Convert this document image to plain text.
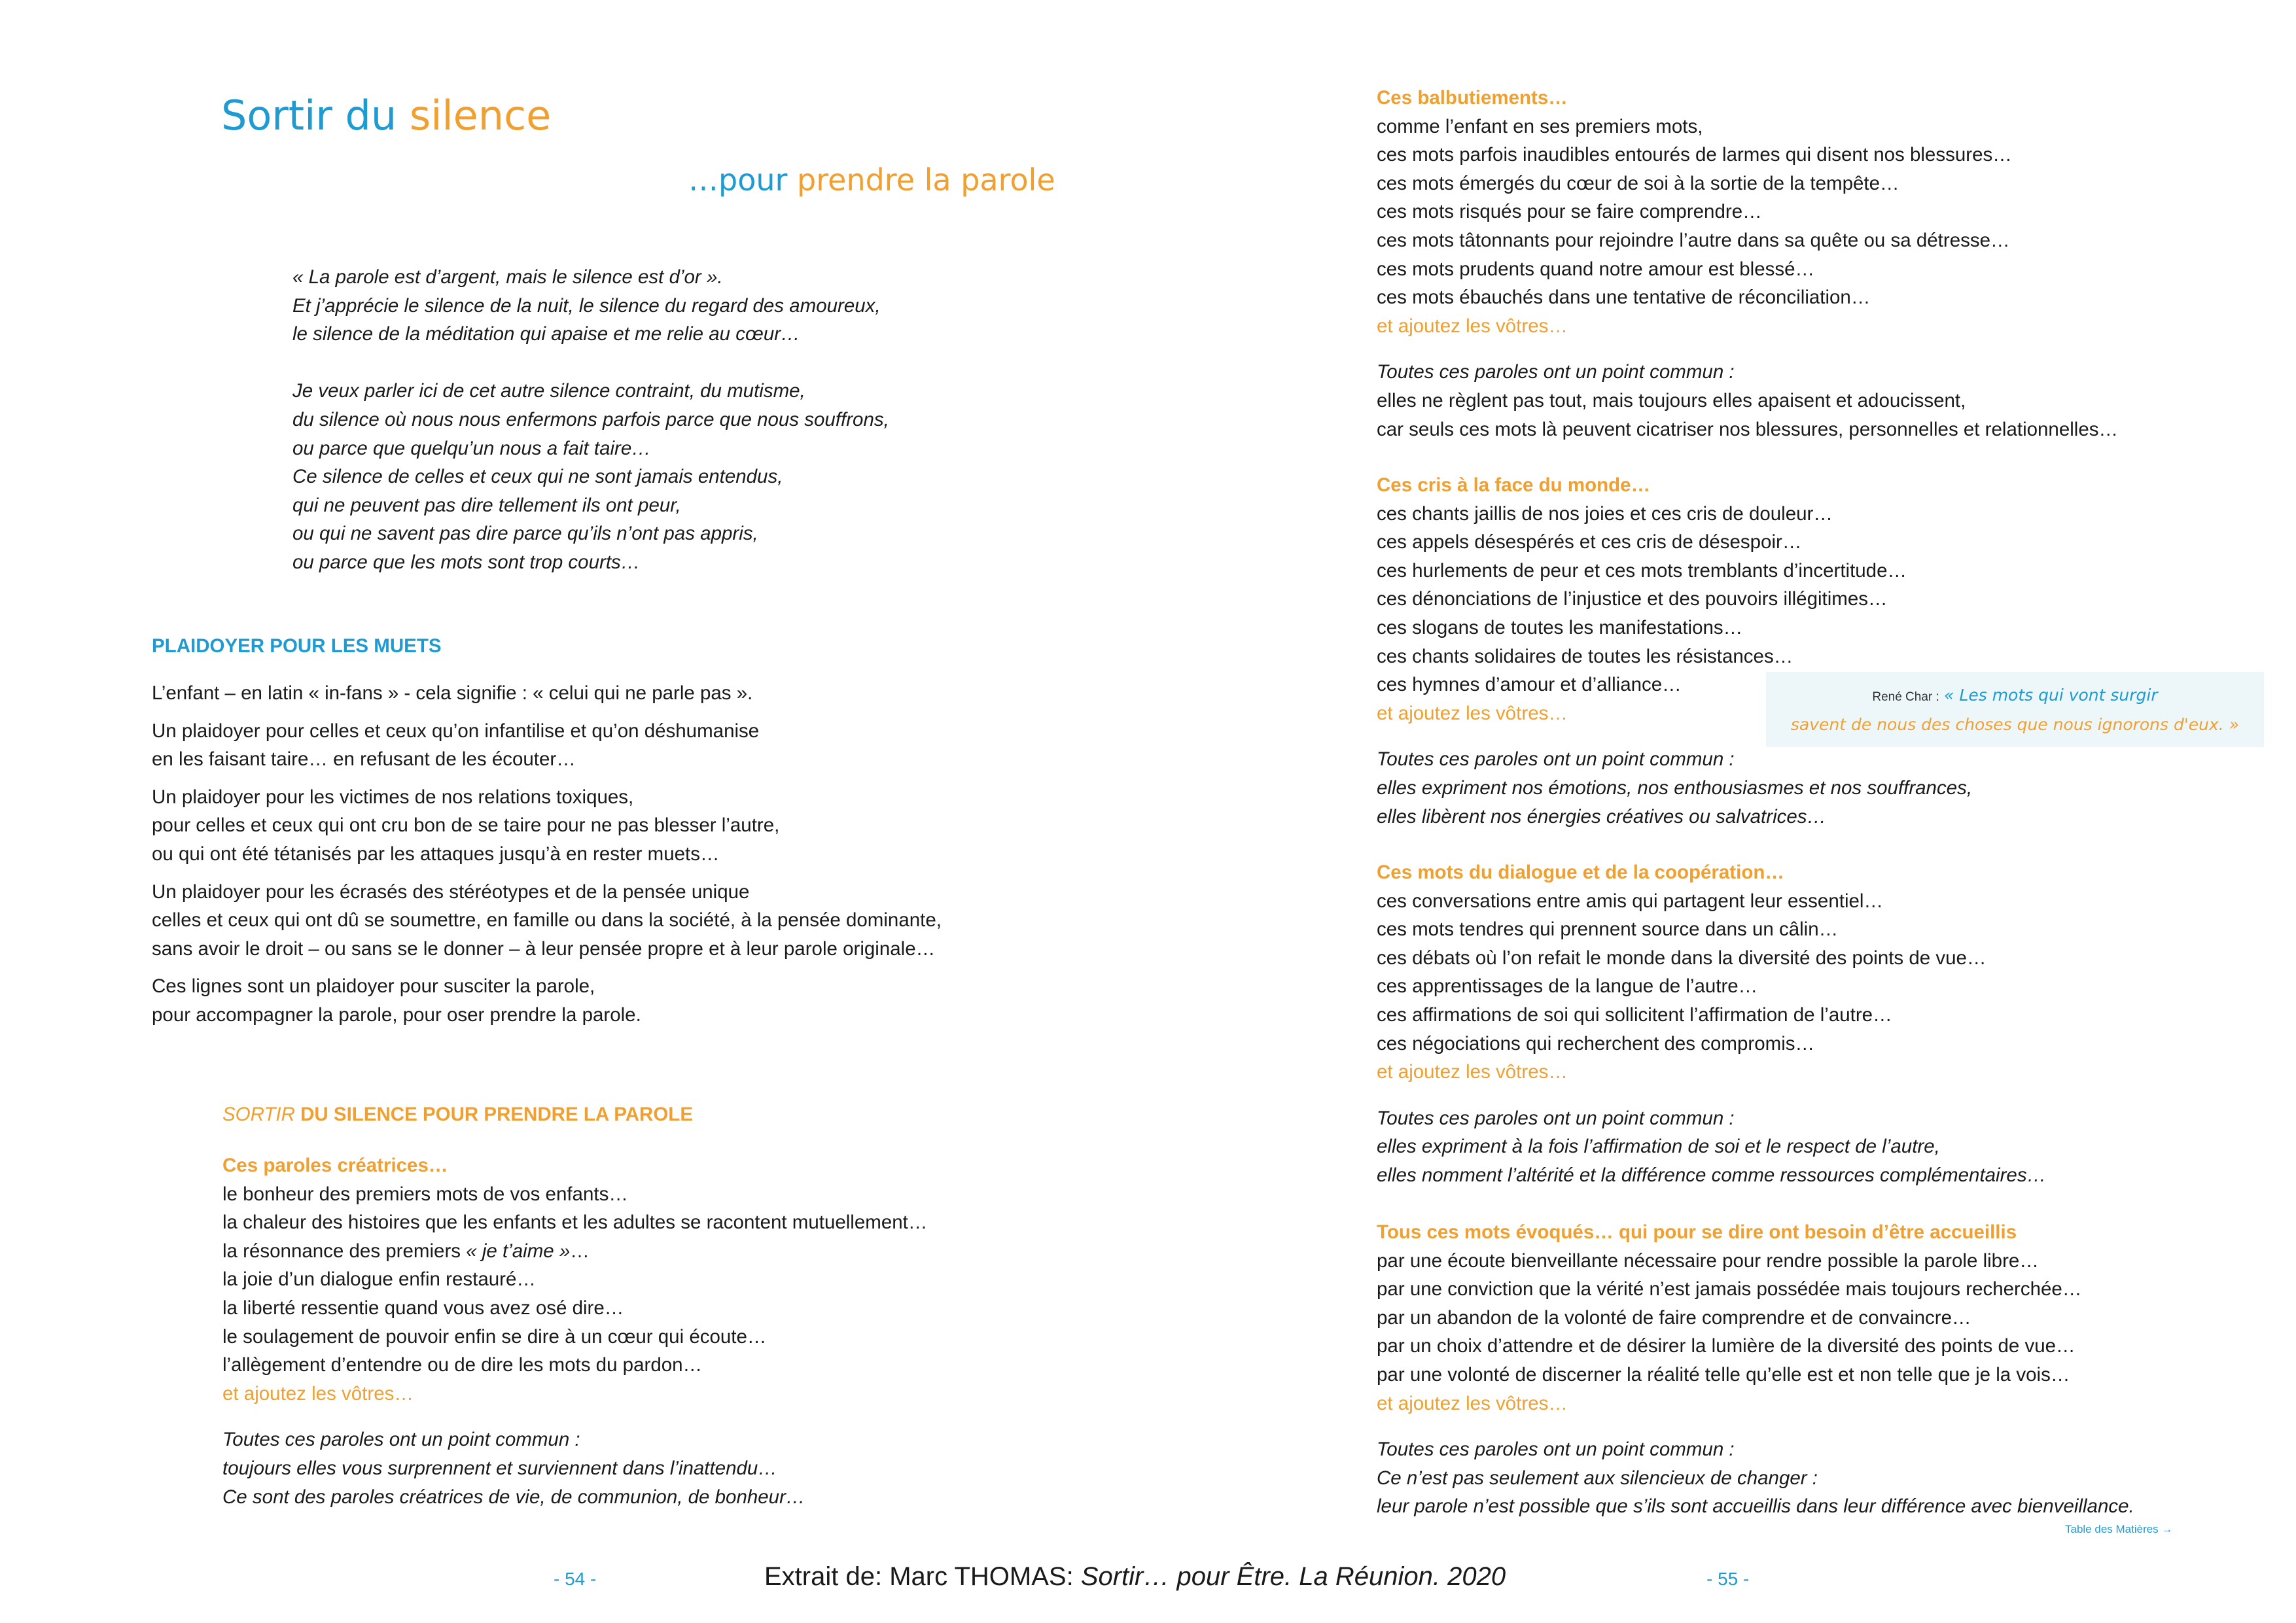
Sortir du silence
…pour prendre la parole
« La parole est d’argent, mais le silence est d’or ».
Et j’apprécie le silence de la nuit, le silence du regard des amoureux,
le silence de la méditation qui apaise et me relie au cœur…
Je veux parler ici de cet autre silence contraint, du mutisme,
du silence où nous nous enfermons parfois parce que nous souffrons,
ou parce que quelqu’un nous a fait taire…
Ce silence de celles et ceux qui ne sont jamais entendus,
qui ne peuvent pas dire tellement ils ont peur,
ou qui ne savent pas dire parce qu’ils n’ont pas appris,
ou parce que les mots sont trop courts…
PLAIDOYER POUR LES MUETS
L’enfant – en latin « in-fans » - cela signifie : « celui qui ne parle pas ».
Un plaidoyer pour celles et ceux qu’on infantilise et qu’on déshumanise
en les faisant taire… en refusant de les écouter…
Un plaidoyer pour les victimes de nos relations toxiques,
pour celles et ceux qui ont cru bon de se taire pour ne pas blesser l’autre,
ou qui ont été tétanisés par les attaques jusqu’à en rester muets…
Un plaidoyer pour les écrasés des stéréotypes et de la pensée unique
celles et ceux qui ont dû se soumettre, en famille ou dans la société, à la pensée dominante,
sans avoir le droit – ou sans se le donner – à leur pensée propre et à leur parole originale…
Ces lignes sont un plaidoyer pour susciter la parole,
pour accompagner la parole, pour oser prendre la parole.
SORTIR DU SILENCE POUR PRENDRE LA PAROLE
Ces paroles créatrices…
le bonheur des premiers mots de vos enfants…
la chaleur des histoires que les enfants et les adultes se racontent mutuellement…
la résonnance des premiers « je t’aime »…
la joie d’un dialogue enfin restauré…
la liberté ressentie quand vous avez osé dire…
le soulagement de pouvoir enfin se dire à un cœur qui écoute…
l’allègement d’entendre ou de dire les mots du pardon…
et ajoutez les vôtres…
Toutes ces paroles ont un point commun :
toujours elles vous surprennent et surviennent dans l’inattendu…
Ce sont des paroles créatrices de vie, de communion, de bonheur…
Ces balbutiements…
comme l’enfant en ses premiers mots,
ces mots parfois inaudibles entourés de larmes qui disent nos blessures…
ces mots émergés du cœur de soi à la sortie de la tempête…
ces mots risqués pour se faire comprendre…
ces mots tâtonnants pour rejoindre l’autre dans sa quête ou sa détresse…
ces mots prudents quand notre amour est blessé…
ces mots ébauchés dans une tentative de réconciliation…
et ajoutez les vôtres…
Toutes ces paroles ont un point commun :
elles ne règlent pas tout, mais toujours elles apaisent et adoucissent,
car seuls ces mots là peuvent cicatriser nos blessures, personnelles et relationnelles…
Ces cris à la face du monde…
ces chants jaillis de nos joies et ces cris de douleur…
ces appels désespérés et ces cris de désespoir…
ces hurlements de peur et ces mots tremblants d’incertitude…
ces dénonciations de l’injustice et des pouvoirs illégitimes…
ces slogans de toutes les manifestations…
ces chants solidaires de toutes les résistances…
ces hymnes d’amour et d’alliance…
et ajoutez les vôtres…
Toutes ces paroles ont un point commun :
elles expriment nos émotions, nos enthousiasmes et nos souffrances,
elles libèrent nos énergies créatives ou salvatrices…
René Char : « Les mots qui vont surgir
savent de nous des choses que nous ignorons d'eux. »
Ces mots du dialogue et de la coopération…
ces conversations entre amis qui partagent leur essentiel…
ces mots tendres qui prennent source dans un câlin…
ces débats où l’on refait le monde dans la diversité des points de vue…
ces apprentissages de la langue de l’autre…
ces affirmations de soi qui sollicitent l’affirmation de l’autre…
ces négociations qui recherchent des compromis…
et ajoutez les vôtres…
Toutes ces paroles ont un point commun :
elles expriment à la fois l’affirmation de soi et le respect de l’autre,
elles nomment l’altérité et la différence comme ressources complémentaires…
Tous ces mots évoqués… qui pour se dire ont besoin d’être accueillis
par une écoute bienveillante nécessaire pour rendre possible la parole libre…
par une conviction que la vérité n’est jamais possédée mais toujours recherchée…
par un abandon de la volonté de faire comprendre et de convaincre…
par un choix d’attendre et de désirer la lumière de la diversité des points de vue…
par une volonté de discerner la réalité telle qu’elle est et non telle que je la vois…
et ajoutez les vôtres…
Toutes ces paroles ont un point commun :
Ce n’est pas seulement aux silencieux de changer :
leur parole n’est possible que s’ils sont accueillis dans leur différence avec bienveillance.
Table des Matières →
- 54 -	Extrait de: Marc THOMAS: Sortir… pour Être. La Réunion. 2020	- 55 -
